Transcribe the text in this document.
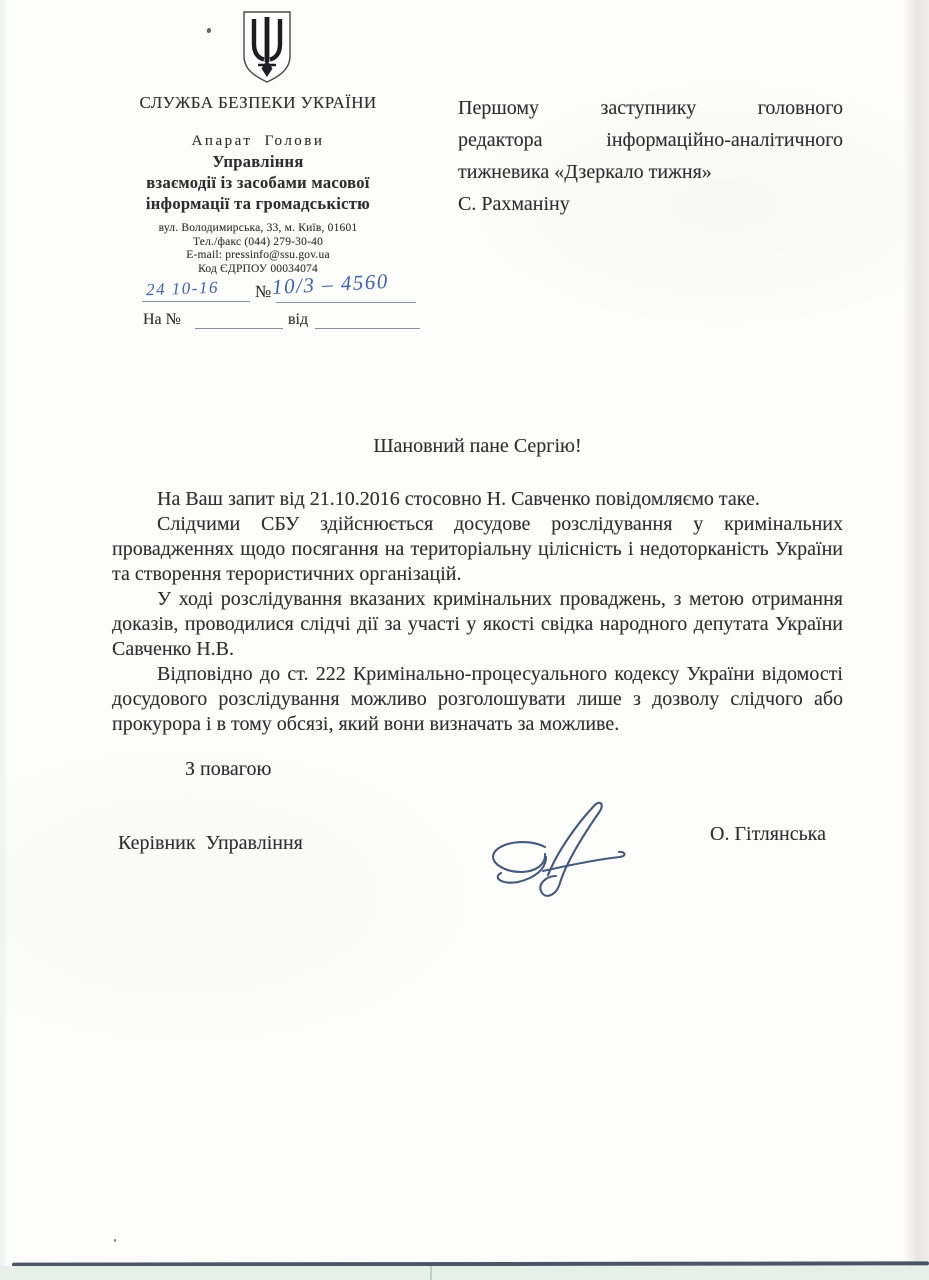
СЛУЖБА БЕЗПЕКИ УКРАЇНИ
Апарат Голови
Управління
взаємодії із засобами масової
інформації та громадськістю
вул. Володимирська, 33, м. Київ, 01601
Тел./факс (044) 279-30-40
E-mail: pressinfo@ssu.gov.ua
Код ЄДРПОУ 00034074
24 10-16 № 10/3 – 4560
На №	від
Першому заступнику головного
редактора інформаційно-аналітичного
тижневика «Дзеркало тижня»
С. Рахманіну
Шановний пане Сергію!

На Ваш запит від 21.10.2016 стосовно Н. Савченко повідомляємо таке.

Слідчими СБУ здійснюється досудове розслідування у кримінальних провадженнях щодо посягання на територіальну цілісність і недоторканість України та створення терористичних організацій.

У ході розслідування вказаних кримінальних проваджень, з метою отримання доказів, проводилися слідчі дії за участі у якості свідка народного депутата України Савченко Н.В.

Відповідно до ст. 222 Кримінально-процесуального кодексу України відомості досудового розслідування можливо розголошувати лише з дозволу слідчого або прокурора і в тому обсязі, який вони визначать за можливе.

З повагою
Керівник Управління	О. Гітлянська
